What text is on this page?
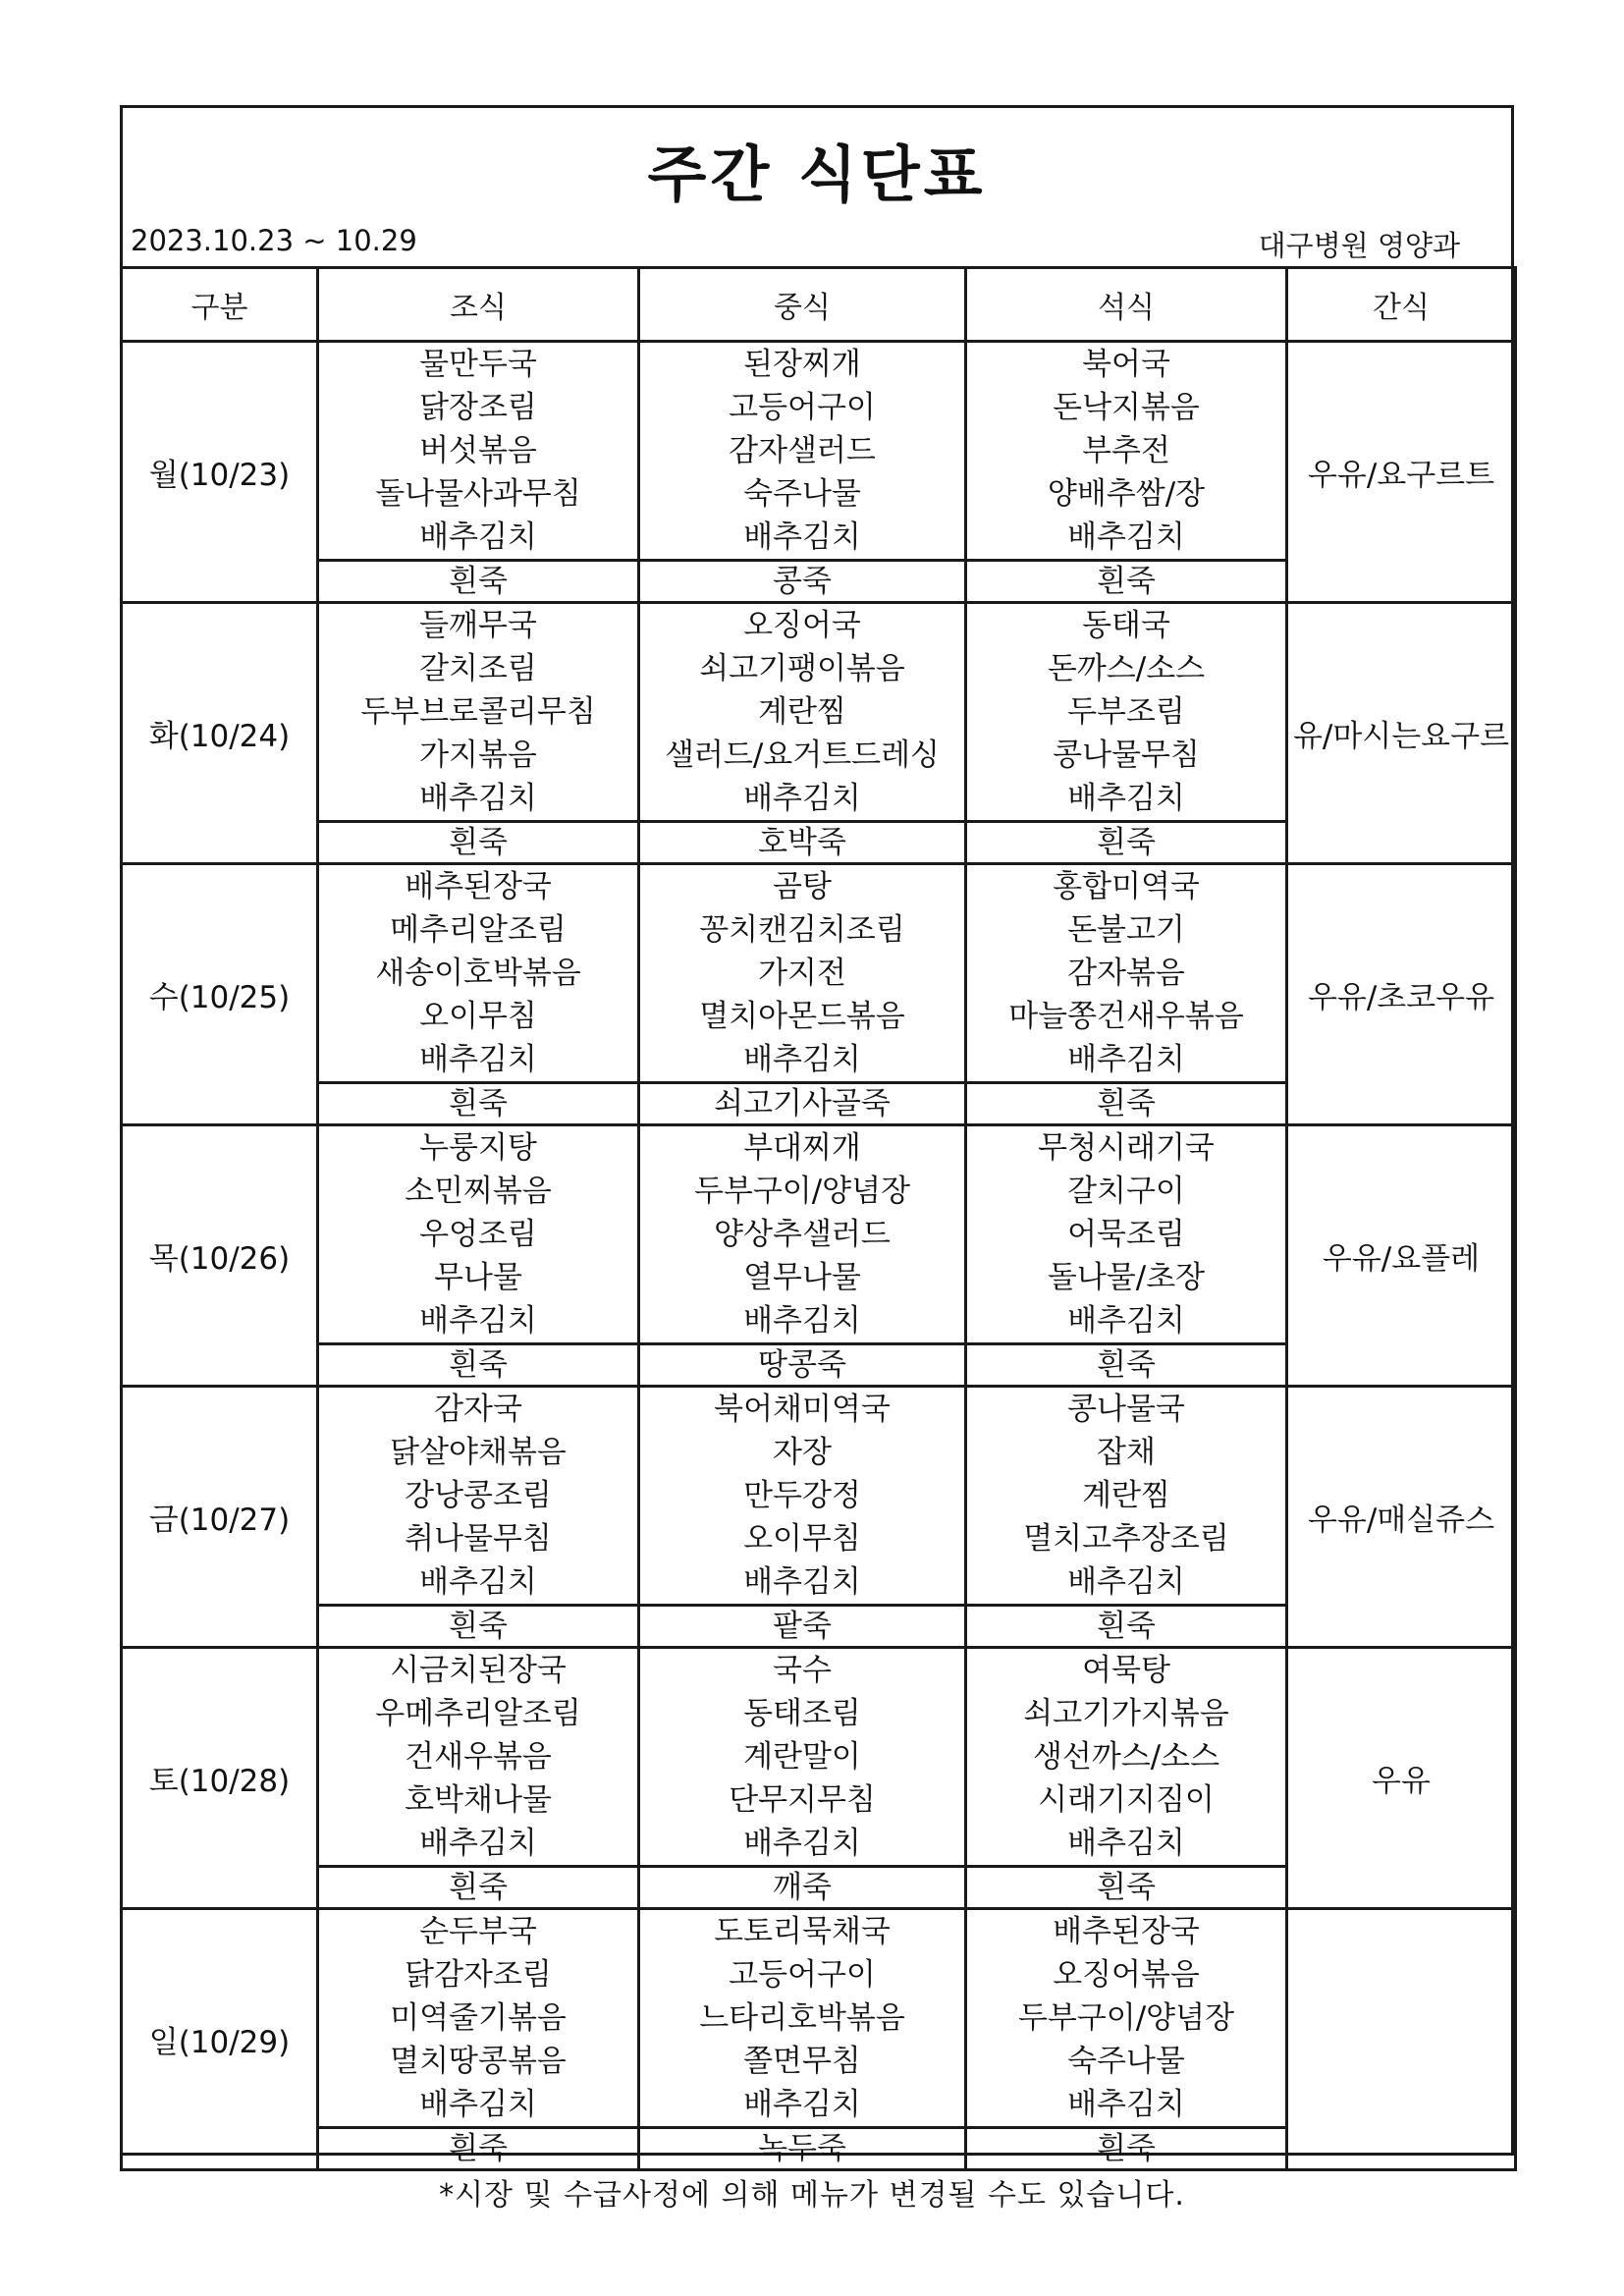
주간 식단표
2023.10.23 ~ 10.29	대구병원 영양과
구분	조식	중식	석식	간식
월(10/23)	물만두국
닭장조림
버섯볶음
돌나물사과무침
배추김치	된장찌개
고등어구이
감자샐러드
숙주나물
배추김치	북어국
돈낙지볶음
부추전
양배추쌈/장
배추김치	우유/요구르트
	흰죽	콩죽	흰죽	
화(10/24)	들깨무국
갈치조림
두부브로콜리무침
가지볶음
배추김치	오징어국
쇠고기팽이볶음
계란찜
샐러드/요거트드레싱
배추김치	동태국
돈까스/소스
두부조림
콩나물무침
배추김치	유/마시는요구르
	흰죽	호박죽	흰죽	
수(10/25)	배추된장국
메추리알조림
새송이호박볶음
오이무침
배추김치	곰탕
꽁치캔김치조림
가지전
멸치아몬드볶음
배추김치	홍합미역국
돈불고기
감자볶음
마늘쫑건새우볶음
배추김치	우유/초코우유
	흰죽	쇠고기사골죽	흰죽	
목(10/26)	누룽지탕
소민찌볶음
우엉조림
무나물
배추김치	부대찌개
두부구이/양념장
양상추샐러드
열무나물
배추김치	무청시래기국
갈치구이
어묵조림
돌나물/초장
배추김치	우유/요플레
	흰죽	땅콩죽	흰죽	
금(10/27)	감자국
닭살야채볶음
강낭콩조림
취나물무침
배추김치	북어채미역국
자장
만두강정
오이무침
배추김치	콩나물국
잡채
계란찜
멸치고추장조림
배추김치	우유/매실쥬스
	흰죽	팥죽	흰죽	
토(10/28)	시금치된장국
우메추리알조림
건새우볶음
호박채나물
배추김치	국수
동태조림
계란말이
단무지무침
배추김치	여묵탕
쇠고기가지볶음
생선까스/소스
시래기지짐이
배추김치	우유
	흰죽	깨죽	흰죽	
일(10/29)	순두부국
닭감자조림
미역줄기볶음
멸치땅콩볶음
배추김치	도토리묵채국
고등어구이
느타리호박볶음
쫄면무침
배추김치	배추된장국
오징어볶음
두부구이/양념장
숙주나물
배추김치	

	흰죽	녹두죽	흰죽	
*시장 및 수급사정에 의해 메뉴가 변경될 수도 있습니다.
